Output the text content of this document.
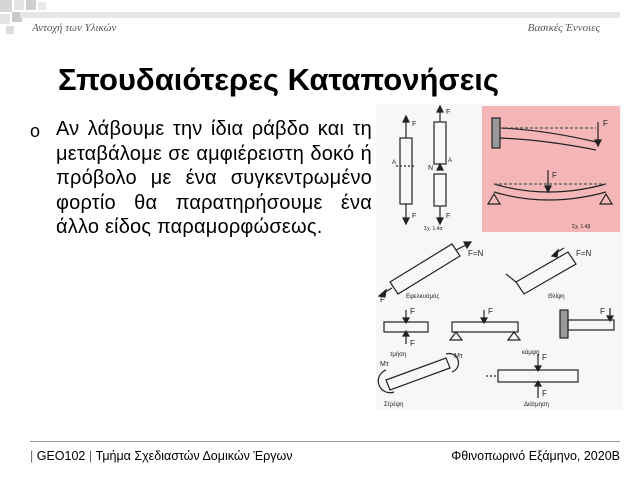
Αντοχή των Υλικών	Βασικές Έννοιες
Σπουδαιότερες Καταπονήσεις
o Αν λάβουμε την ίδια ράβδο και τη μεταβάλομε σε αμφιέρειστη δοκό ή πρόβολο με ένα συγκεντρωμένο φορτίο θα παρατηρήσουμε ένα άλλο είδος παραμορφώσεως.
F
F
N
A	A
F	F
Σχ. 1.4α
F
F
Σχ. 1.4β
F=N
F	Εφελκυσμός
F=N
Θλίψη
F
F
τμήση
F	F
κάμψη
Mτ
Mτ
Στρέψη
F
F
Διάτμηση
| GEO102 | Τμήμα Σχεδιαστών Δομικών Έργων	Φθινοπωρινό Εξάμηνο, 2020Β
